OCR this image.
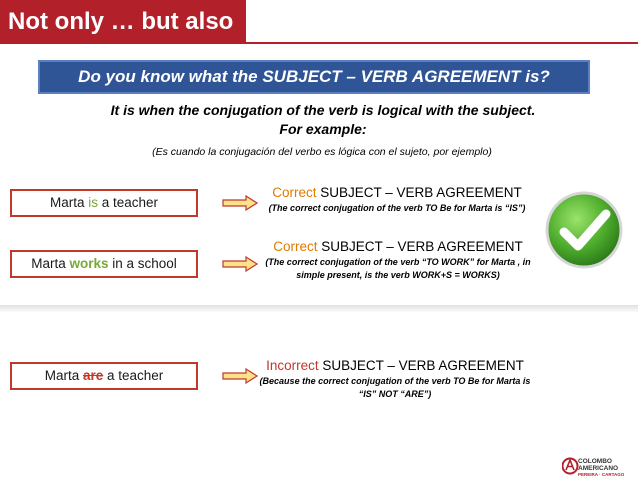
Not only … but also
Do you know what the SUBJECT – VERB AGREEMENT is?
It is when the conjugation of the verb is logical with the subject. For example:
(Es cuando la conjugación del verbo es lógica con el sujeto, por ejemplo)
Marta is a teacher
Correct SUBJECT – VERB AGREEMENT
(The correct conjugation of the verb TO Be for Marta is “IS”)
Marta works in a school
Correct SUBJECT – VERB AGREEMENT
(The correct conjugation of the verb “TO WORK” for Marta , in simple present, is the verb WORK+S = WORKS)
Marta are a teacher
Incorrect SUBJECT – VERB AGREEMENT
(Because the correct conjugation of the verb TO Be for Marta is “IS” NOT “ARE”)
COLOMBO
AMERICANO
PEREIRA · CARTAGO
